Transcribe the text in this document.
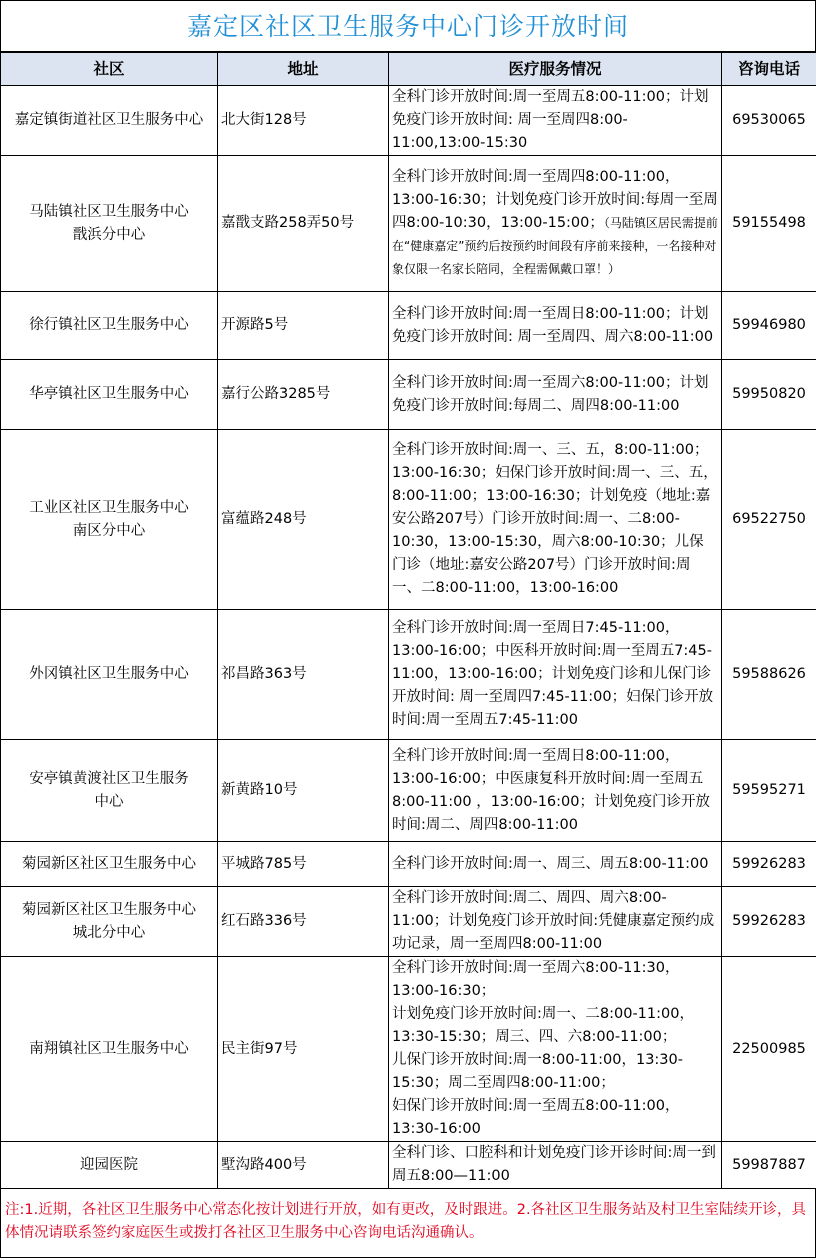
嘉定区社区卫生服务中心门诊开放时间
社区	地址	医疗服务情况	咨询电话

嘉定镇街道社区卫生服务中心	北大街128号	全科门诊开放时间:周一至周五8:00-11:00；计划免疫门诊开放时间: 周一至周四8:00-11:00,13:00-15:30	69530065

马陆镇社区卫生服务中心
戬浜分中心	嘉戬支路258弄50号	全科门诊开放时间:周一至周四8:00-11:00，13:00-16:30；计划免疫门诊开放时间:每周一至周四8:00-10:30，13:00-15:00；（马陆镇区居民需提前在“健康嘉定”预约后按预约时间段有序前来接种，一名接种对象仅限一名家长陪同，全程需佩戴口罩！）	59155498

徐行镇社区卫生服务中心	开源路5号	全科门诊开放时间:周一至周日8:00-11:00；计划免疫门诊开放时间: 周一至周四、周六8:00-11:00	59946980

华亭镇社区卫生服务中心	嘉行公路3285号	全科门诊开放时间:周一至周六8:00-11:00；计划免疫门诊开放时间:每周二、周四8:00-11:00	59950820

工业区社区卫生服务中心
南区分中心	富蕴路248号	全科门诊开放时间:周一、三、五，8:00-11:00；13:00-16:30；妇保门诊开放时间:周一、三、五，8:00-11:00；13:00-16:30；计划免疫（地址:嘉安公路207号）门诊开放时间:周一、二8:00-10:30，13:00-15:30，周六8:00-10:30；儿保门诊（地址:嘉安公路207号）门诊开放时间:周一、二8:00-11:00，13:00-16:00	69522750

外冈镇社区卫生服务中心	祁昌路363号	全科门诊开放时间:周一至周日7:45-11:00，13:00-16:00；中医科开放时间:周一至周五7:45-11:00，13:00-16:00；计划免疫门诊和儿保门诊开放时间: 周一至周四7:45-11:00；妇保门诊开放时间:周一至周五7:45-11:00	59588626

安亭镇黄渡社区卫生服务
中心	新黄路10号	全科门诊开放时间:周一至周日8:00-11:00，13:00-16:00；中医康复科开放时间:周一至周五8:00-11:00 ，13:00-16:00；计划免疫门诊开放时间:周二、周四8:00-11:00	59595271

菊园新区社区卫生服务中心	平城路785号	全科门诊开放时间:周一、周三、周五8:00-11:00	59926283

菊园新区社区卫生服务中心
城北分中心	红石路336号	全科门诊开放时间:周二、周四、周六8:00-11:00；计划免疫门诊开放时间:凭健康嘉定预约成功记录，周一至周四8:00-11:00	59926283

南翔镇社区卫生服务中心	民主街97号	全科门诊开放时间:周一至周六8:00-11:30，13:00-16:30；
计划免疫门诊开放时间:周一、二8:00-11:00，13:30-15:30；周三、四、六8:00-11:00；
儿保门诊开放时间:周一8:00-11:00，13:30-15:30；周二至周四8:00-11:00；
妇保门诊开放时间:周一至周五8:00-11:00，13:30-16:00	22500985

迎园医院	墅沟路400号	全科门诊、口腔科和计划免疫门诊开诊时间:周一到周五8:00—11:00	59987887
注:1.近期，各社区卫生服务中心常态化按计划进行开放，如有更改，及时跟进。2.各社区卫生服务站及村卫生室陆续开诊，具体情况请联系签约家庭医生或拨打各社区卫生服务中心咨询电话沟通确认。
